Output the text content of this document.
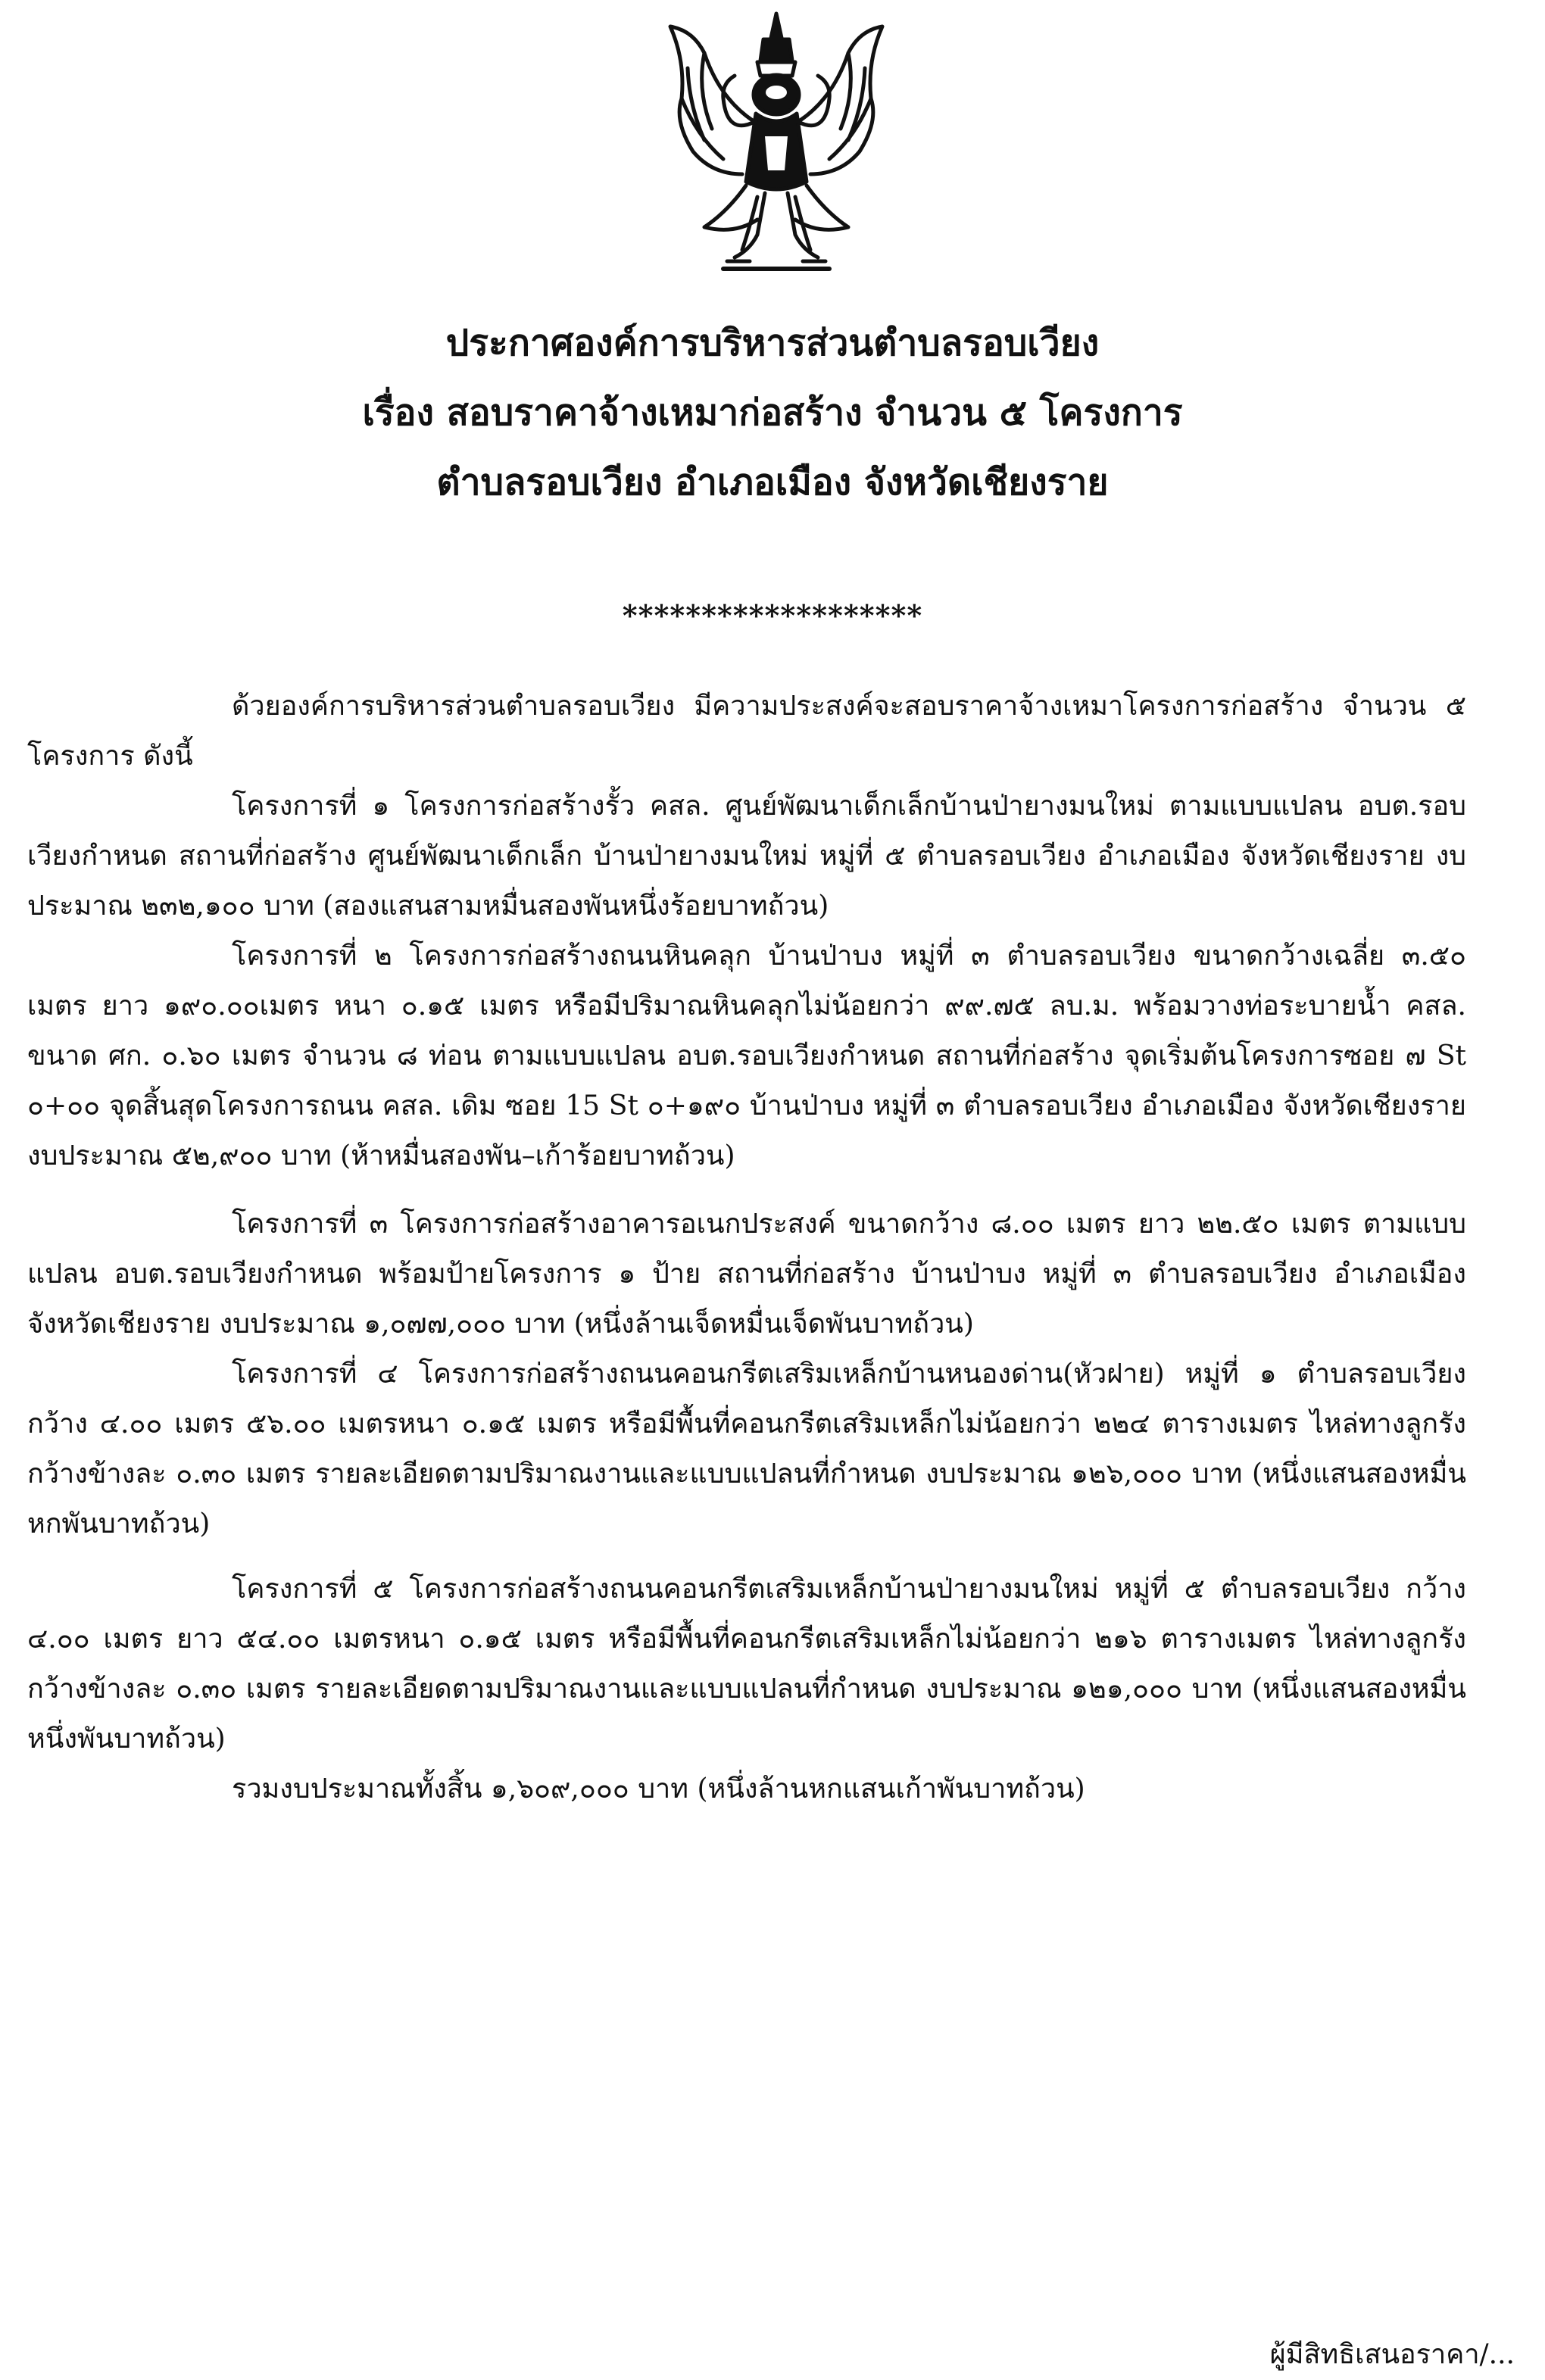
ประกาศองค์การบริหารส่วนตำบลรอบเวียง
เรื่อง สอบราคาจ้างเหมาก่อสร้าง จำนวน ๕ โครงการ
ตำบลรอบเวียง อำเภอเมือง จังหวัดเชียงราย
*******************

ด้วยองค์การบริหารส่วนตำบลรอบเวียง มีความประสงค์จะสอบราคาจ้างเหมาโครงการก่อสร้าง จำนวน ๕ โครงการ ดังนี้

โครงการที่ ๑ โครงการก่อสร้างรั้ว คสล. ศูนย์พัฒนาเด็กเล็กบ้านป่ายางมนใหม่ ตามแบบแปลน อบต.รอบเวียงกำหนด สถานที่ก่อสร้าง ศูนย์พัฒนาเด็กเล็ก บ้านป่ายางมนใหม่ หมู่ที่ ๕ ตำบลรอบเวียง อำเภอเมือง จังหวัดเชียงราย งบประมาณ ๒๓๒,๑๐๐ บาท (สองแสนสามหมื่นสองพันหนึ่งร้อยบาทถ้วน)

โครงการที่ ๒ โครงการก่อสร้างถนนหินคลุก บ้านป่าบง หมู่ที่ ๓ ตำบลรอบเวียง ขนาดกว้างเฉลี่ย ๓.๕๐ เมตร ยาว ๑๙๐.๐๐เมตร หนา ๐.๑๕ เมตร หรือมีปริมาณหินคลุกไม่น้อยกว่า ๙๙.๗๕ ลบ.ม. พร้อมวางท่อระบายน้ำ คสล. ขนาด ศก. ๐.๖๐ เมตร จำนวน ๘ ท่อน ตามแบบแปลน อบต.รอบเวียงกำหนด สถานที่ก่อสร้าง จุดเริ่มต้นโครงการซอย ๗ St ๐+๐๐ จุดสิ้นสุดโครงการถนน คสล. เดิม ซอย 15 St ๐+๑๙๐ บ้านป่าบง หมู่ที่ ๓ ตำบลรอบเวียง อำเภอเมือง จังหวัดเชียงราย งบประมาณ ๕๒,๙๐๐ บาท (ห้าหมื่นสองพัน–เก้าร้อยบาทถ้วน)

โครงการที่ ๓ โครงการก่อสร้างอาคารอเนกประสงค์ ขนาดกว้าง ๘.๐๐ เมตร ยาว ๒๒.๕๐ เมตร ตามแบบแปลน อบต.รอบเวียงกำหนด พร้อมป้ายโครงการ ๑ ป้าย สถานที่ก่อสร้าง บ้านป่าบง หมู่ที่ ๓ ตำบลรอบเวียง อำเภอเมือง จังหวัดเชียงราย งบประมาณ ๑,๐๗๗,๐๐๐ บาท (หนึ่งล้านเจ็ดหมื่นเจ็ดพันบาทถ้วน)

โครงการที่ ๔ โครงการก่อสร้างถนนคอนกรีตเสริมเหล็กบ้านหนองด่าน(หัวฝาย) หมู่ที่ ๑ ตำบลรอบเวียง กว้าง ๔.๐๐ เมตร ๕๖.๐๐ เมตรหนา ๐.๑๕ เมตร หรือมีพื้นที่คอนกรีตเสริมเหล็กไม่น้อยกว่า ๒๒๔ ตารางเมตร ไหล่ทางลูกรังกว้างข้างละ ๐.๓๐ เมตร รายละเอียดตามปริมาณงานและแบบแปลนที่กำหนด งบประมาณ ๑๒๖,๐๐๐ บาท (หนึ่งแสนสองหมื่นหกพันบาทถ้วน)

โครงการที่ ๕ โครงการก่อสร้างถนนคอนกรีตเสริมเหล็กบ้านป่ายางมนใหม่ หมู่ที่ ๕ ตำบลรอบเวียง กว้าง ๔.๐๐ เมตร ยาว ๕๔.๐๐ เมตรหนา ๐.๑๕ เมตร หรือมีพื้นที่คอนกรีตเสริมเหล็กไม่น้อยกว่า ๒๑๖ ตารางเมตร ไหล่ทางลูกรังกว้างข้างละ ๐.๓๐ เมตร รายละเอียดตามปริมาณงานและแบบแปลนที่กำหนด งบประมาณ ๑๒๑,๐๐๐ บาท (หนึ่งแสนสองหมื่นหนึ่งพันบาทถ้วน)

รวมงบประมาณทั้งสิ้น ๑,๖๐๙,๐๐๐ บาท (หนึ่งล้านหกแสนเก้าพันบาทถ้วน)

ผู้มีสิทธิเสนอราคา/...
